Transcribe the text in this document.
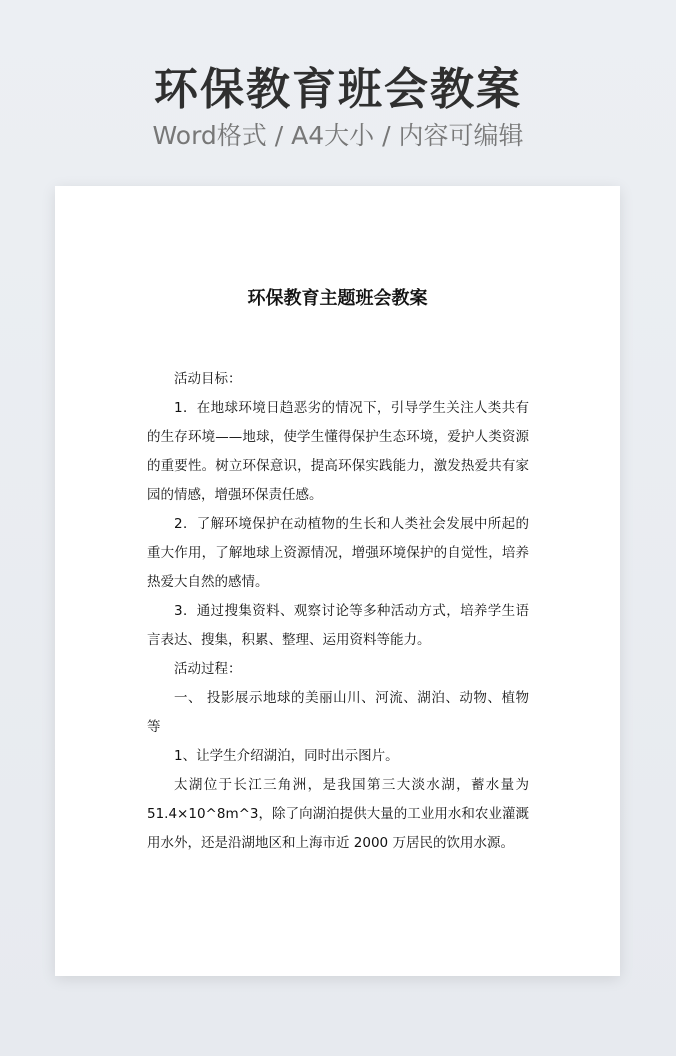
环保教育班会教案
Word格式 / A4大小 / 内容可编辑
环保教育主题班会教案

活动目标：

1．在地球环境日趋恶劣的情况下，引导学生关注人类共有的生存环境——地球，使学生懂得保护生态环境，爱护人类资源的重要性。树立环保意识，提高环保实践能力，激发热爱共有家园的情感，增强环保责任感。

2．了解环境保护在动植物的生长和人类社会发展中所起的重大作用，了解地球上资源情况，增强环境保护的自觉性，培养热爱大自然的感情。

3．通过搜集资料、观察讨论等多种活动方式，培养学生语言表达、搜集，积累、整理、运用资料等能力。

活动过程：

一、 投影展示地球的美丽山川、河流、湖泊、动物、植物等

1、让学生介绍湖泊，同时出示图片。

太湖位于长江三角洲，是我国第三大淡水湖，蓄水量为51.4×10^8m^3，除了向湖泊提供大量的工业用水和农业灌溉用水外，还是沿湖地区和上海市近 2000 万居民的饮用水源。
